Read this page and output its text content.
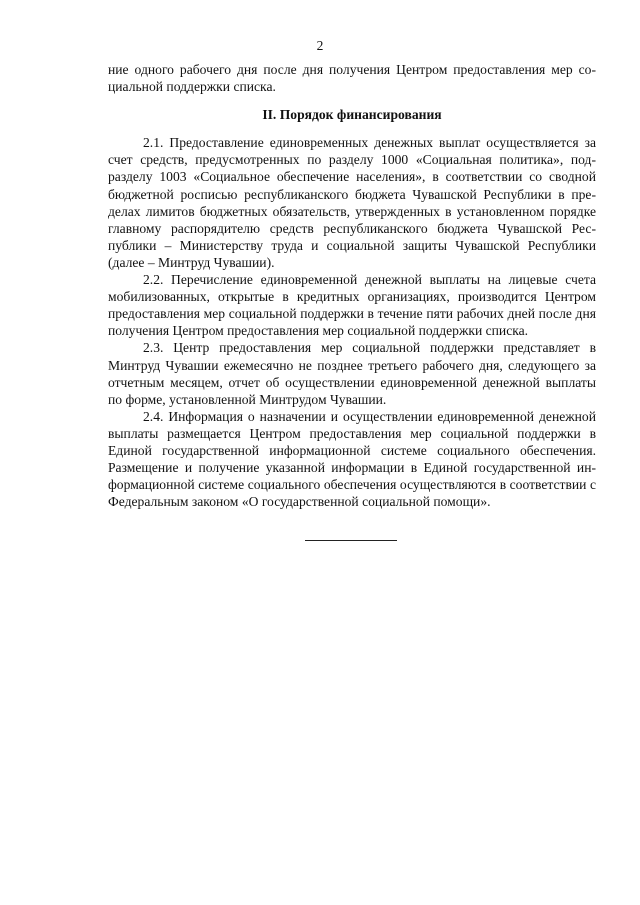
2

ние одного рабочего дня после дня получения Центром предоставления мер социальной поддержки списка.

II. Порядок финансирования

2.1. Предоставление единовременных денежных выплат осуществляется за счет средств, предусмотренных по разделу 1000 «Социальная политика», подразделу 1003 «Социальное обеспечение населения», в соответствии со сводной бюджетной росписью республиканского бюджета Чувашской Республики в пределах лимитов бюджетных обязательств, утвержденных в установленном порядке главному распорядителю средств республиканского бюджета Чувашской Республики – Министерству труда и социальной защиты Чувашской Республики (далее – Минтруд Чувашии).

2.2. Перечисление единовременной денежной выплаты на лицевые счета мобилизованных, открытые в кредитных организациях, производится Центром предоставления мер социальной поддержки в течение пяти рабочих дней после дня получения Центром предоставления мер социальной поддержки списка.

2.3. Центр предоставления мер социальной поддержки представляет в Минтруд Чувашии ежемесячно не позднее третьего рабочего дня, следующего за отчетным месяцем, отчет об осуществлении единовременной денежной выплаты по форме, установленной Минтрудом Чувашии.

2.4. Информация о назначении и осуществлении единовременной денежной выплаты размещается Центром предоставления мер социальной поддержки в Единой государственной информационной системе социального обеспечения. Размещение и получение указанной информации в Единой государственной информационной системе социального обеспечения осуществляются в соответствии с Федеральным законом «О государственной социальной помощи».
